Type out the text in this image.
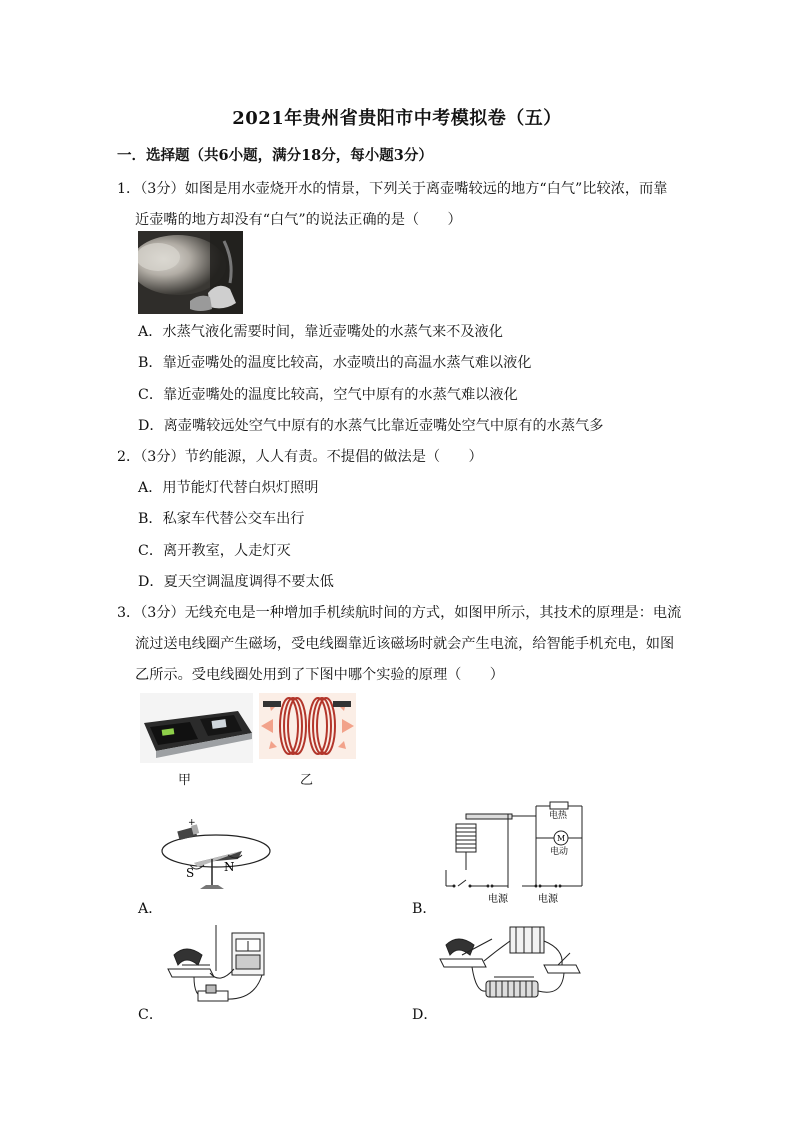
2021年贵州省贵阳市中考模拟卷（五）
一．选择题（共6小题，满分18分，每小题3分）
1．（3分）如图是用水壶烧开水的情景，下列关于离壶嘴较远的地方“白气”比较浓，而靠
近壶嘴的地方却没有“白气”的说法正确的是（　　）
A．水蒸气液化需要时间，靠近壶嘴处的水蒸气来不及液化
B．靠近壶嘴处的温度比较高，水壶喷出的高温水蒸气难以液化
C．靠近壶嘴处的温度比较高，空气中原有的水蒸气难以液化
D．离壶嘴较远处空气中原有的水蒸气比靠近壶嘴处空气中原有的水蒸气多
2．（3分）节约能源，人人有责。不提倡的做法是（　　）
A．用节能灯代替白炽灯照明
B．私家车代替公交车出行
C．离开教室，人走灯灭
D．夏天空调温度调得不要太低
3．（3分）无线充电是一种增加手机续航时间的方式，如图甲所示，其技术的原理是：电流
流过送电线圈产生磁场，受电线圈靠近该磁场时就会产生电流，给智能手机充电，如图
乙所示。受电线圈处用到了下图中哪个实验的原理（　　）
甲	乙
A．
+
S N
B．
电热
M
电动
电源	电源
C．	D．
